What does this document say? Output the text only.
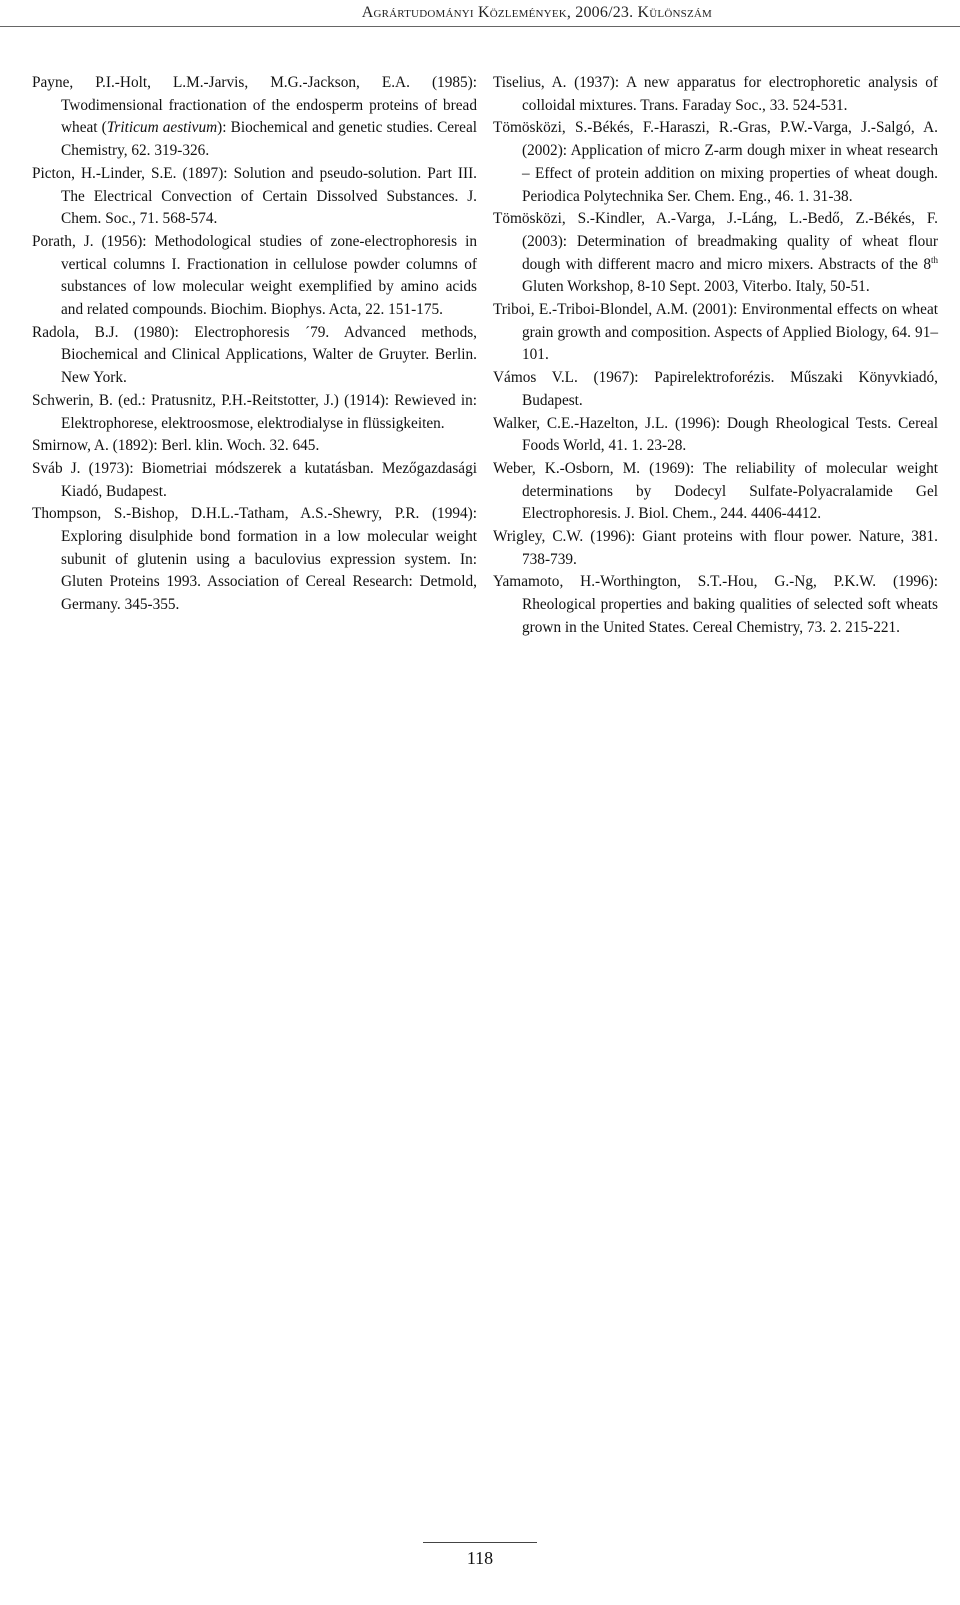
Agrártudományi Közlemények, 2006/23. Különszám

Payne, P.I.-Holt, L.M.-Jarvis, M.G.-Jackson, E.A. (1985): Twodimensional fractionation of the endosperm proteins of bread wheat (Triticum aestivum): Biochemical and genetic studies. Cereal Chemistry, 62. 319-326.

Picton, H.-Linder, S.E. (1897): Solution and pseudo-solution. Part III. The Electrical Convection of Certain Dissolved Substances. J. Chem. Soc., 71. 568-574.

Porath, J. (1956): Methodological studies of zone-electrophoresis in vertical columns I. Fractionation in cellulose powder columns of substances of low molecular weight exemplified by amino acids and related compounds. Biochim. Biophys. Acta, 22. 151-175.

Radola, B.J. (1980): Electrophoresis ´79. Advanced methods, Biochemical and Clinical Applications, Walter de Gruyter. Berlin. New York.

Schwerin, B. (ed.: Pratusnitz, P.H.-Reitstotter, J.) (1914): Rewieved in: Elektrophorese, elektroosmose, elektrodialyse in flüssigkeiten.

Smirnow, A. (1892): Berl. klin. Woch. 32. 645.

Sváb J. (1973): Biometriai módszerek a kutatásban. Mezőgazdasági Kiadó, Budapest.

Thompson, S.-Bishop, D.H.L.-Tatham, A.S.-Shewry, P.R. (1994): Exploring disulphide bond formation in a low molecular weight subunit of glutenin using a baculovius expression system. In: Gluten Proteins 1993. Association of Cereal Research: Detmold, Germany. 345-355.

Tiselius, A. (1937): A new apparatus for electrophoretic analysis of colloidal mixtures. Trans. Faraday Soc., 33. 524-531.

Tömösközi, S.-Békés, F.-Haraszi, R.-Gras, P.W.-Varga, J.-Salgó, A. (2002): Application of micro Z-arm dough mixer in wheat research – Effect of protein addition on mixing properties of wheat dough. Periodica Polytechnika Ser. Chem. Eng., 46. 1. 31-38.

Tömösközi, S.-Kindler, A.-Varga, J.-Láng, L.-Bedő, Z.-Békés, F. (2003): Determination of breadmaking quality of wheat flour dough with different macro and micro mixers. Abstracts of the 8th Gluten Workshop, 8-10 Sept. 2003, Viterbo. Italy, 50-51.

Triboi, E.-Triboi-Blondel, A.M. (2001): Environmental effects on wheat grain growth and composition. Aspects of Applied Biology, 64. 91–101.

Vámos V.L. (1967): Papirelektroforézis. Műszaki Könyvkiadó, Budapest.

Walker, C.E.-Hazelton, J.L. (1996): Dough Rheological Tests. Cereal Foods World, 41. 1. 23-28.

Weber, K.-Osborn, M. (1969): The reliability of molecular weight determinations by Dodecyl Sulfate-Polyacralamide Gel Electrophoresis. J. Biol. Chem., 244. 4406-4412.

Wrigley, C.W. (1996): Giant proteins with flour power. Nature, 381. 738-739.

Yamamoto, H.-Worthington, S.T.-Hou, G.-Ng, P.K.W. (1996): Rheological properties and baking qualities of selected soft wheats grown in the United States. Cereal Chemistry, 73. 2. 215-221.

118
